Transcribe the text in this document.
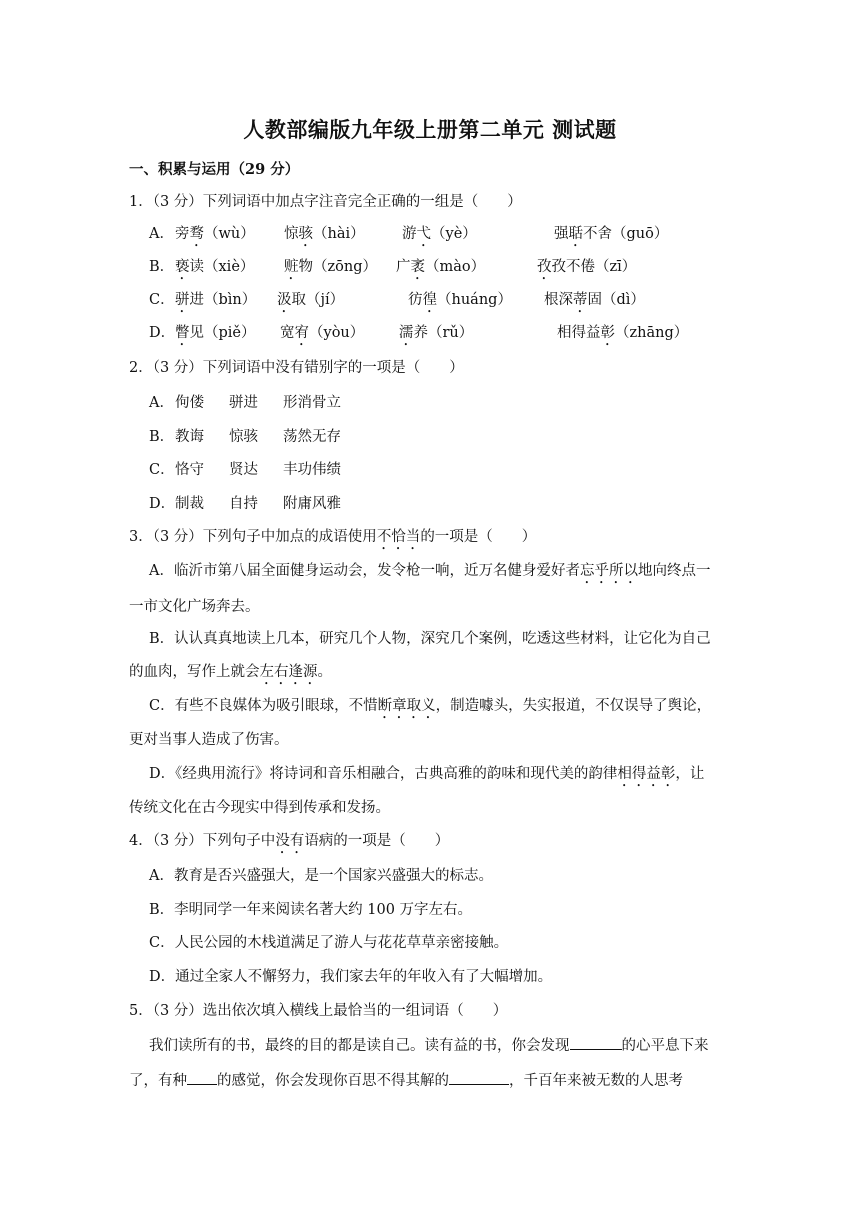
人教部编版九年级上册第二单元 测试题
一、积累与运用（29 分）
1．（3 分）下列词语中加点字注音完全正确的一组是（　　）
A． 旁骛（wù） 惊骇（hài）	游弋（yè）	强聒不舍（guō）
B． 亵读（xiè） 赃物（zōng） 广袤（mào）	孜孜不倦（zī）
C． 骈进（bìn） 汲取（jí）	彷徨（huáng） 根深蒂固（dì）
D． 瞥见（piě） 宽宥（yòu） 濡养（rǔ）	相得益彰（zhāng）
2．（3 分）下列词语中没有错别字的一项是（　　）
A． 佝偻 骈进 形消骨立
B． 教诲 惊骇 荡然无存
C． 恪守 贤达 丰功伟绩
D． 制裁 自持 附庸风雅
3．（3 分）下列句子中加点的成语使用不恰当的一项是（　　）
A．临沂市第八届全面健身运动会，发令枪一响，近万名健身爱好者忘乎所以地向终点一
一市文化广场奔去。
B．认认真真地读上几本，研究几个人物，深究几个案例，吃透这些材料，让它化为自己
的血肉，写作上就会左右逢源。
C．有些不良媒体为吸引眼球，不惜断章取义，制造噱头，失实报道，不仅误导了舆论，
更对当事人造成了伤害。
D．《经典用流行》将诗词和音乐相融合，古典高雅的韵味和现代美的韵律相得益彰，让
传统文化在古今现实中得到传承和发扬。
4．（3 分）下列句子中没有语病的一项是（　　）
A．教育是否兴盛强大，是一个国家兴盛强大的标志。
B．李明同学一年来阅读名著大约 100 万字左右。
C．人民公园的木栈道满足了游人与花花草草亲密接触。
D．通过全家人不懈努力，我们家去年的年收入有了大幅增加。
5．（3 分）选出依次填入横线上最恰当的一组词语（　　）
我们读所有的书，最终的目的都是读自己。读有益的书，你会发现	的心平息下来
了，有种 的感觉，你会发现你百思不得其解的	，千百年来被无数的人思考
